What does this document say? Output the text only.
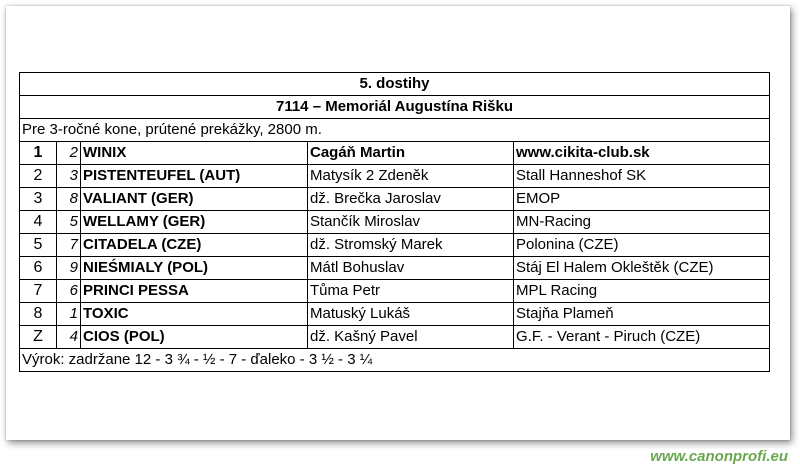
5. dostihy				
7114 – Memoriál Augustína Rišku				
Pre 3-ročné kone, prútené prekážky, 2800 m.				
1	2	WINIX	Cagáň Martin	www.cikita-club.sk
2	3	PISTENTEUFEL (AUT)	Matysík 2 Zdeněk	Stall Hanneshof SK
3	8	VALIANT (GER)	dž. Brečka Jaroslav	EMOP
4	5	WELLAMY (GER)	Stančík Miroslav	MN-Racing
5	7	CITADELA (CZE)	dž. Stromský Marek	Polonina (CZE)
6	9	NIEŚMIALY (POL)	Mátl Bohuslav	Stáj El Halem Okleštěk (CZE)
7	6	PRINCI PESSA	Tůma Petr	MPL Racing
8	1	TOXIC	Matuský Lukáš	Stajňa Plameň
Z	4	CIOS (POL)	dž. Kašný Pavel	G.F. - Verant - Piruch (CZE)
Výrok: zadržane 12 - 3 ¾ - ½ - 7 - ďaleko - 3 ½ - 3 ¼				
www.canonprofi.eu
